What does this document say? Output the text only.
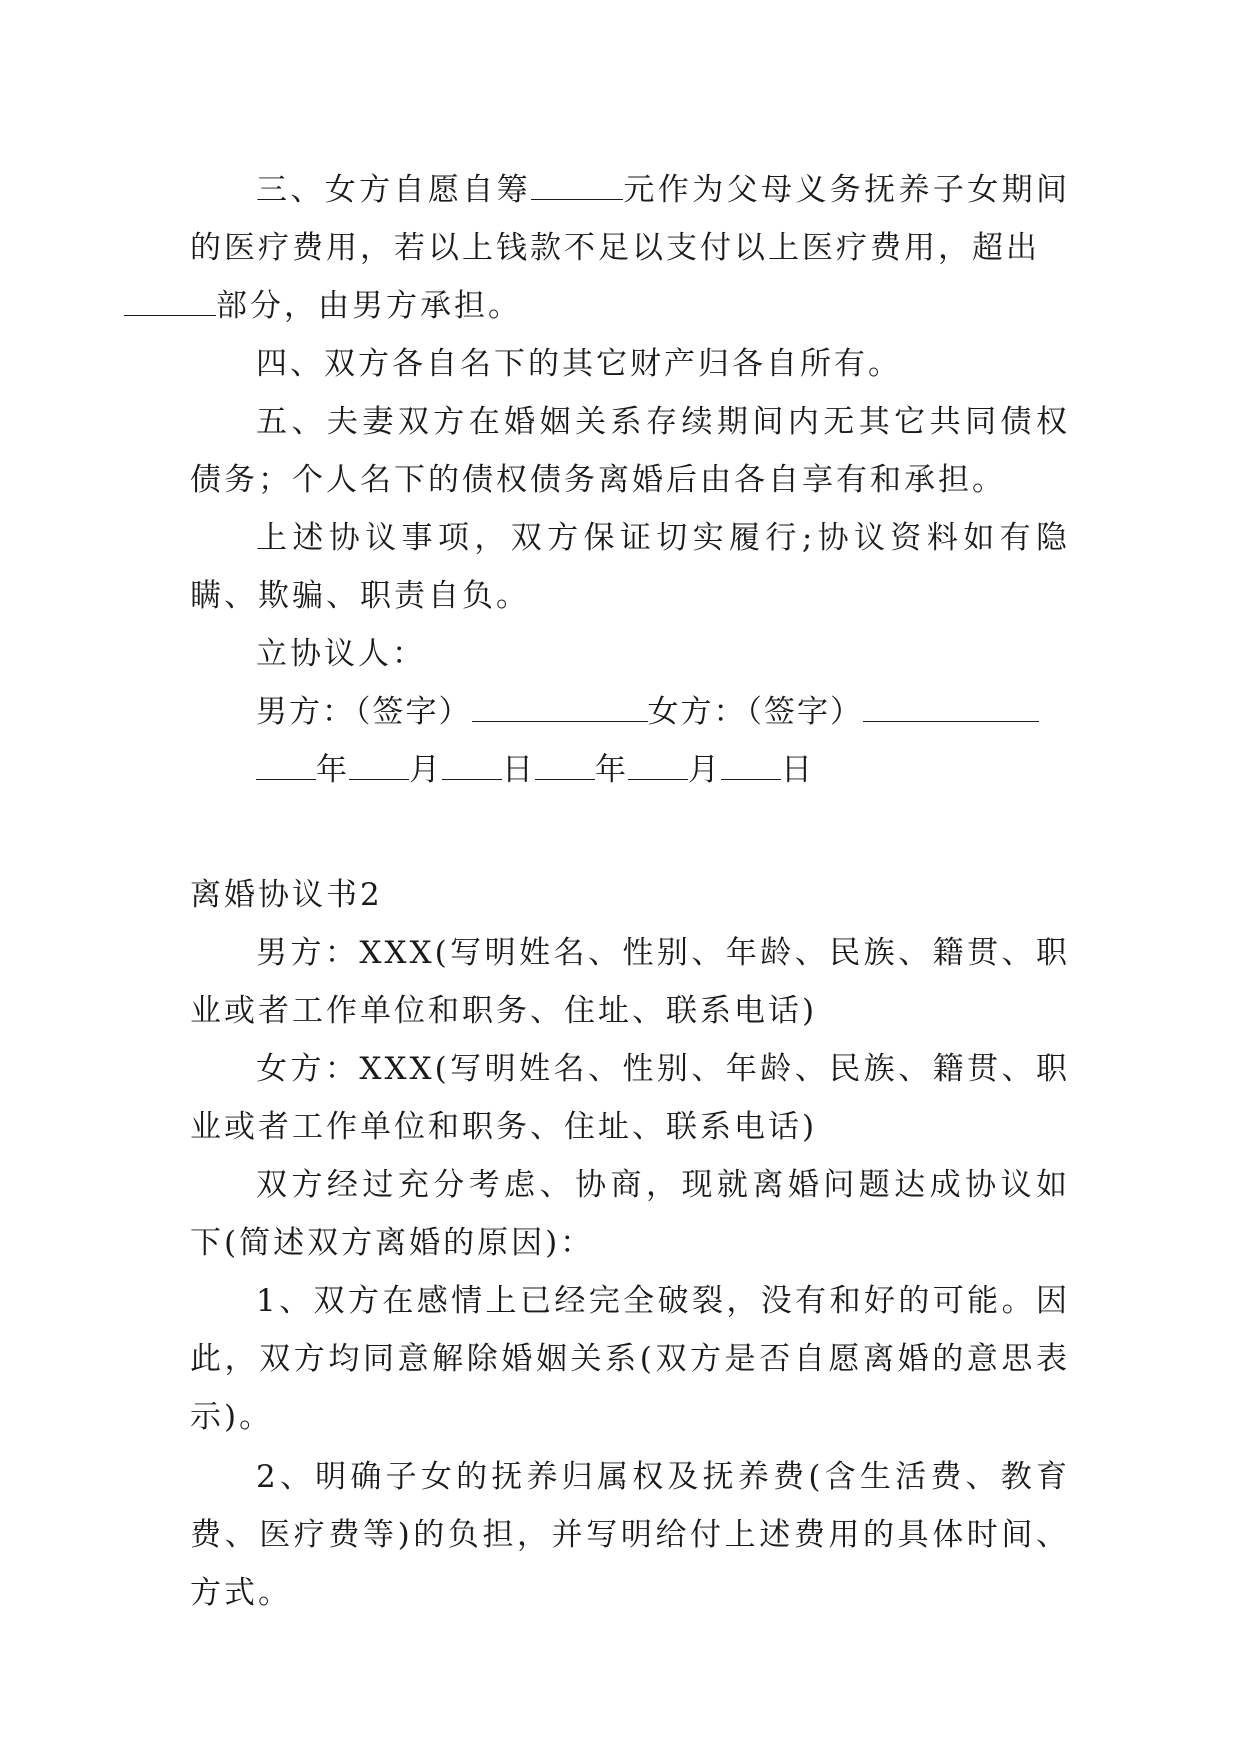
三、女方自愿自筹	元作为父母义务抚养子女期间的医疗费用，若以上钱款不足以支付以上医疗费用，超出
部分，由男方承担。

四、双方各自名下的其它财产归各自所有。

五、夫妻双方在婚姻关系存续期间内无其它共同债权债务；个人名下的债权债务离婚后由各自享有和承担。

上述协议事项，双方保证切实履行;协议资料如有隐瞒、欺骗、职责自负。

立协议人：

男方：（签字）	女方：（签字）

年 月 日 年 月 日

离婚协议书2

男方：XXX(写明姓名、性别、年龄、民族、籍贯、职业或者工作单位和职务、住址、联系电话)

女方：XXX(写明姓名、性别、年龄、民族、籍贯、职业或者工作单位和职务、住址、联系电话)

双方经过充分考虑、协商，现就离婚问题达成协议如下(简述双方离婚的原因)：

1、双方在感情上已经完全破裂，没有和好的可能。因此，双方均同意解除婚姻关系(双方是否自愿离婚的意思表示)。

2、明确子女的抚养归属权及抚养费(含生活费、教育费、医疗费等)的负担，并写明给付上述费用的具体时间、方式。
